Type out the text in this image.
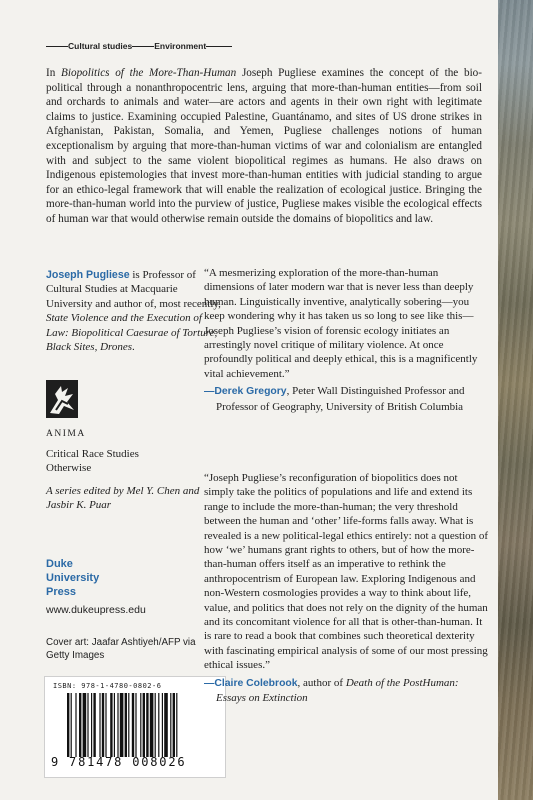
Cultural studies	Environment

In Biopolitics of the More-Than-Human Joseph Pugliese examines the concept of the bio-political through a nonanthropocentric lens, arguing that more-than-human entities—from soil and orchards to animals and water—are actors and agents in their own right with legitimate claims to justice. Examining occupied Palestine, Guantánamo, and sites of US drone strikes in Afghanistan, Pakistan, Somalia, and Yemen, Pugliese challenges notions of human exceptionalism by arguing that more-than-human victims of war and colonialism are entangled with and subject to the same violent biopolitical regimes as humans. He also draws on Indigenous epistemologies that invest more-than-human entities with judicial standing to argue for an ethico-legal framework that will enable the realization of ecological justice. Bringing the more-than-human world into the purview of justice, Pugliese makes visible the ecological effects of human war that would otherwise remain outside the domains of biopolitics and law.

Joseph Pugliese is Professor of Cultural Studies at Macquarie University and author of, most recently, State Violence and the Execution of Law: Biopolitical Caesurae of Torture, Black Sites, Drones.

ANIMA

Critical Race Studies

Otherwise

A series edited by Mel Y. Chen and Jasbir K. Puar

Duke
University
Press
www.dukeupress.edu
Cover art: Jaafar Ashtiyeh/AFP via Getty Images
ISBN: 978-1-4780-0802-6
9 781478 008026

“A mesmerizing exploration of the more-than-human dimensions of later modern war that is never less than deeply human. Linguistically inventive, analytically sobering—you keep wondering why it has taken us so long to see like this—Joseph Pugliese’s vision of forensic ecology initiates an arrestingly novel critique of military violence. At once profoundly political and deeply ethical, this is a magnificently vital achievement.”

—Derek Gregory, Peter Wall Distinguished Professor and Professor of Geography, University of British Columbia

“Joseph Pugliese’s reconfiguration of biopolitics does not simply take the politics of populations and life and extend its range to include the more-than-human; the very threshold between the human and ‘other’ life-forms falls away. What is revealed is a new political-legal ethics entirely: not a question of how ‘we’ humans grant rights to others, but of how the more-than-human offers itself as an imperative to rethink the anthropocentrism of European law. Exploring Indigenous and non-Western cosmologies provides a way to think about life, value, and politics that does not rely on the dignity of the human and its concomitant violence for all that is other-than-human. It is rare to read a book that combines such theoretical dexterity with fascinating empirical analysis of some of our most pressing ethical issues.”

—Claire Colebrook, author of Death of the PostHuman: Essays on Extinction
